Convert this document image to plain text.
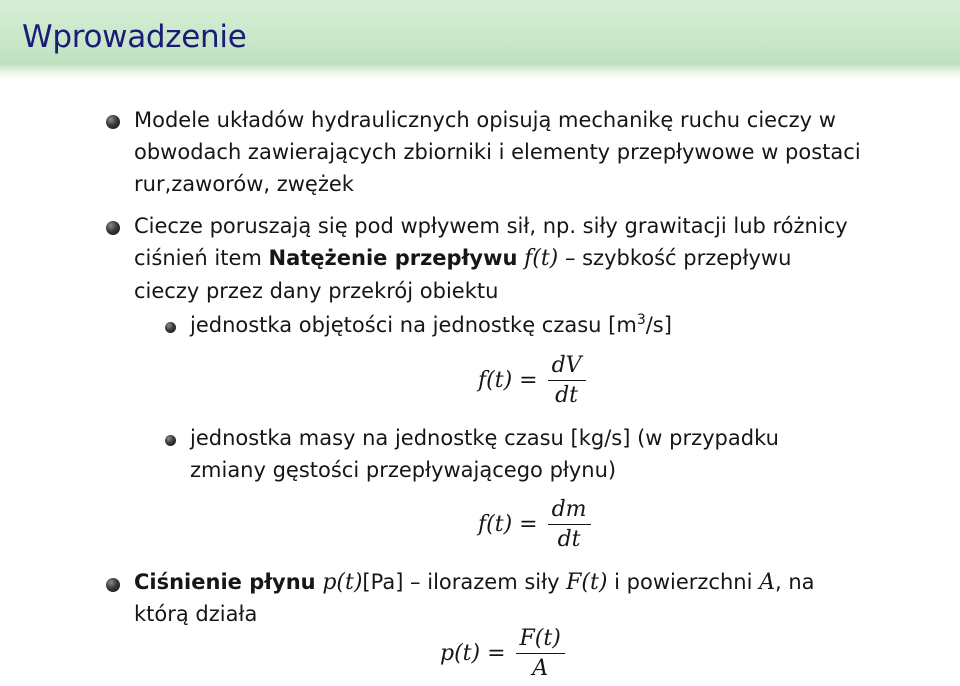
Wprowadzenie
Modele układów hydraulicznych opisują mechanikę ruchu cieczy w
obwodach zawierających zbiorniki i elementy przepływowe w postaci
rur,zaworów, zwężek
Ciecze poruszają się pod wpływem sił, np. siły grawitacji lub różnicy
ciśnień item Natężenie przepływu f(t) – szybkość przepływu
cieczy przez dany przekrój obiektu
jednostka objętości na jednostkę czasu $[m^3/s]$
$f(t) = \frac{dV}{dt}$
jednostka masy na jednostkę czasu [kg/s] (w przypadku
zmiany gęstości przepływającego płynu)
$f(t) = \frac{dm}{dt}$
Ciśnienie płynu p(t)[Pa] – ilorazem siły F(t) i powierzchni A, na
którą działa
$p(t) = \frac{F(t)}{A}$
